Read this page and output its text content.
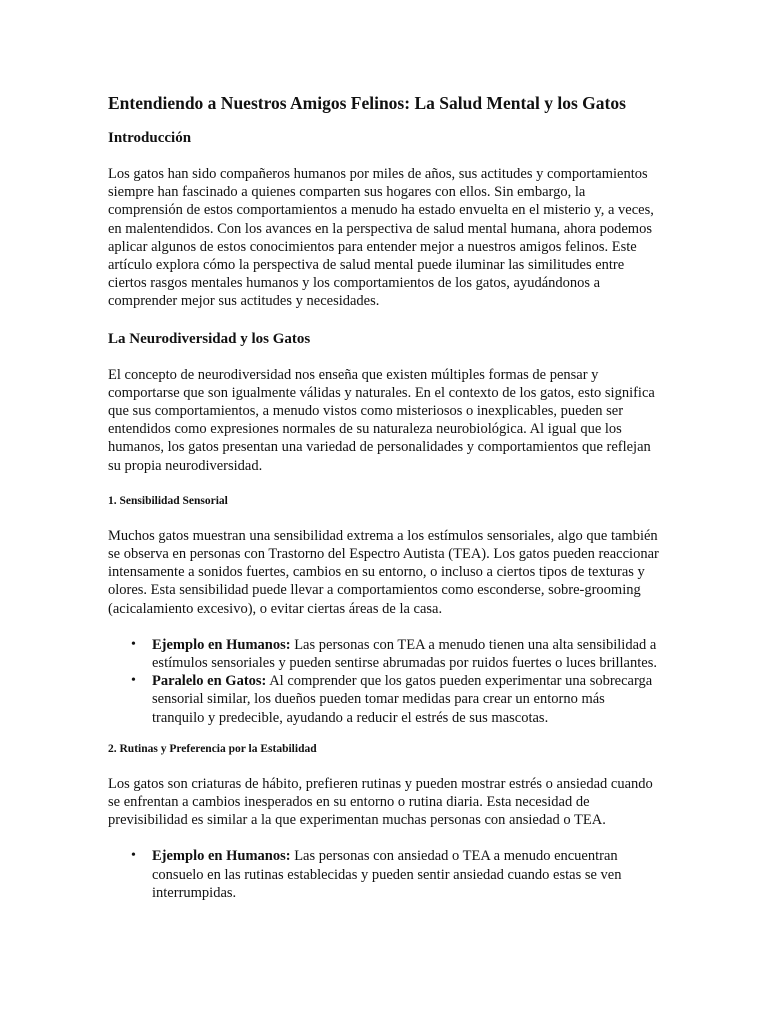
Entendiendo a Nuestros Amigos Felinos: La Salud Mental y los Gatos
Introducción

Los gatos han sido compañeros humanos por miles de años, sus actitudes y comportamientos siempre han fascinado a quienes comparten sus hogares con ellos. Sin embargo, la comprensión de estos comportamientos a menudo ha estado envuelta en el misterio y, a veces, en malentendidos. Con los avances en la perspectiva de salud mental humana, ahora podemos aplicar algunos de estos conocimientos para entender mejor a nuestros amigos felinos. Este artículo explora cómo la perspectiva de salud mental puede iluminar las similitudes entre ciertos rasgos mentales humanos y los comportamientos de los gatos, ayudándonos a comprender mejor sus actitudes y necesidades.

La Neurodiversidad y los Gatos

El concepto de neurodiversidad nos enseña que existen múltiples formas de pensar y comportarse que son igualmente válidas y naturales. En el contexto de los gatos, esto significa que sus comportamientos, a menudo vistos como misteriosos o inexplicables, pueden ser entendidos como expresiones normales de su naturaleza neurobiológica. Al igual que los humanos, los gatos presentan una variedad de personalidades y comportamientos que reflejan su propia neurodiversidad.

1. Sensibilidad Sensorial

Muchos gatos muestran una sensibilidad extrema a los estímulos sensoriales, algo que también se observa en personas con Trastorno del Espectro Autista (TEA). Los gatos pueden reaccionar intensamente a sonidos fuertes, cambios en su entorno, o incluso a ciertos tipos de texturas y olores. Esta sensibilidad puede llevar a comportamientos como esconderse, sobre-grooming (acicalamiento excesivo), o evitar ciertas áreas de la casa.

• Ejemplo en Humanos: Las personas con TEA a menudo tienen una alta sensibilidad a estímulos sensoriales y pueden sentirse abrumadas por ruidos fuertes o luces brillantes.
• Paralelo en Gatos: Al comprender que los gatos pueden experimentar una sobrecarga sensorial similar, los dueños pueden tomar medidas para crear un entorno más tranquilo y predecible, ayudando a reducir el estrés de sus mascotas.
2. Rutinas y Preferencia por la Estabilidad

Los gatos son criaturas de hábito, prefieren rutinas y pueden mostrar estrés o ansiedad cuando se enfrentan a cambios inesperados en su entorno o rutina diaria. Esta necesidad de previsibilidad es similar a la que experimentan muchas personas con ansiedad o TEA.

• Ejemplo en Humanos: Las personas con ansiedad o TEA a menudo encuentran consuelo en las rutinas establecidas y pueden sentir ansiedad cuando estas se ven interrumpidas.
